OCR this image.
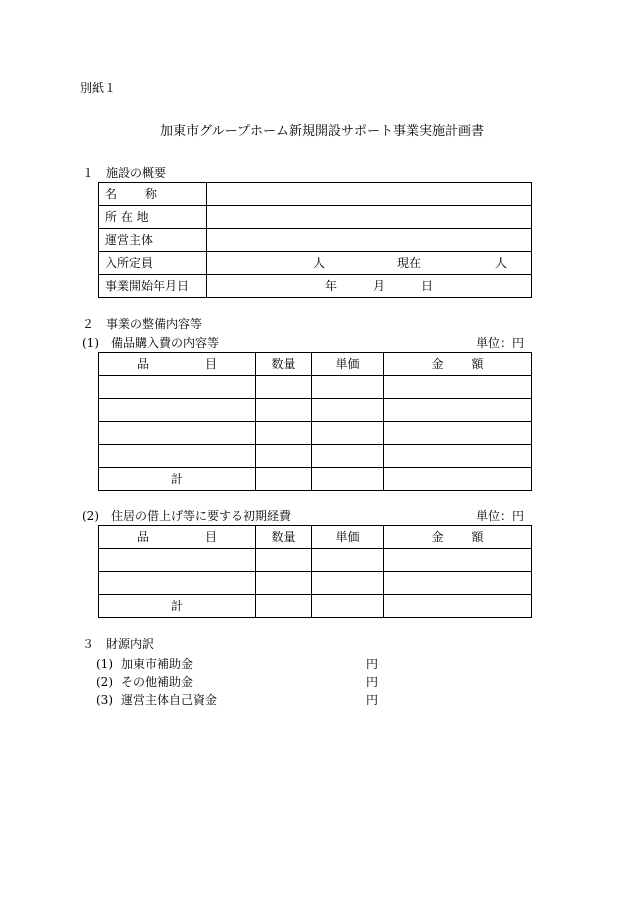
別紙１
加東市グループホーム新規開設サポート事業実施計画書
１　施設の概要
名 称	
所 在 地	
運営主体	
入所定員	人 現在 人

事業開始年月日	年 月 日
２　事業の整備内容等
(1)　備品購入費の内容等	単位：円
品 目	数量	単価	金 額

計			
(2)　住居の借上げ等に要する初期経費	単位：円
品 目	数量	単価	金 額

計			
３　財源内訳
(1) 加東市補助金	円
(2) その他補助金	円
(3) 運営主体自己資金	円
